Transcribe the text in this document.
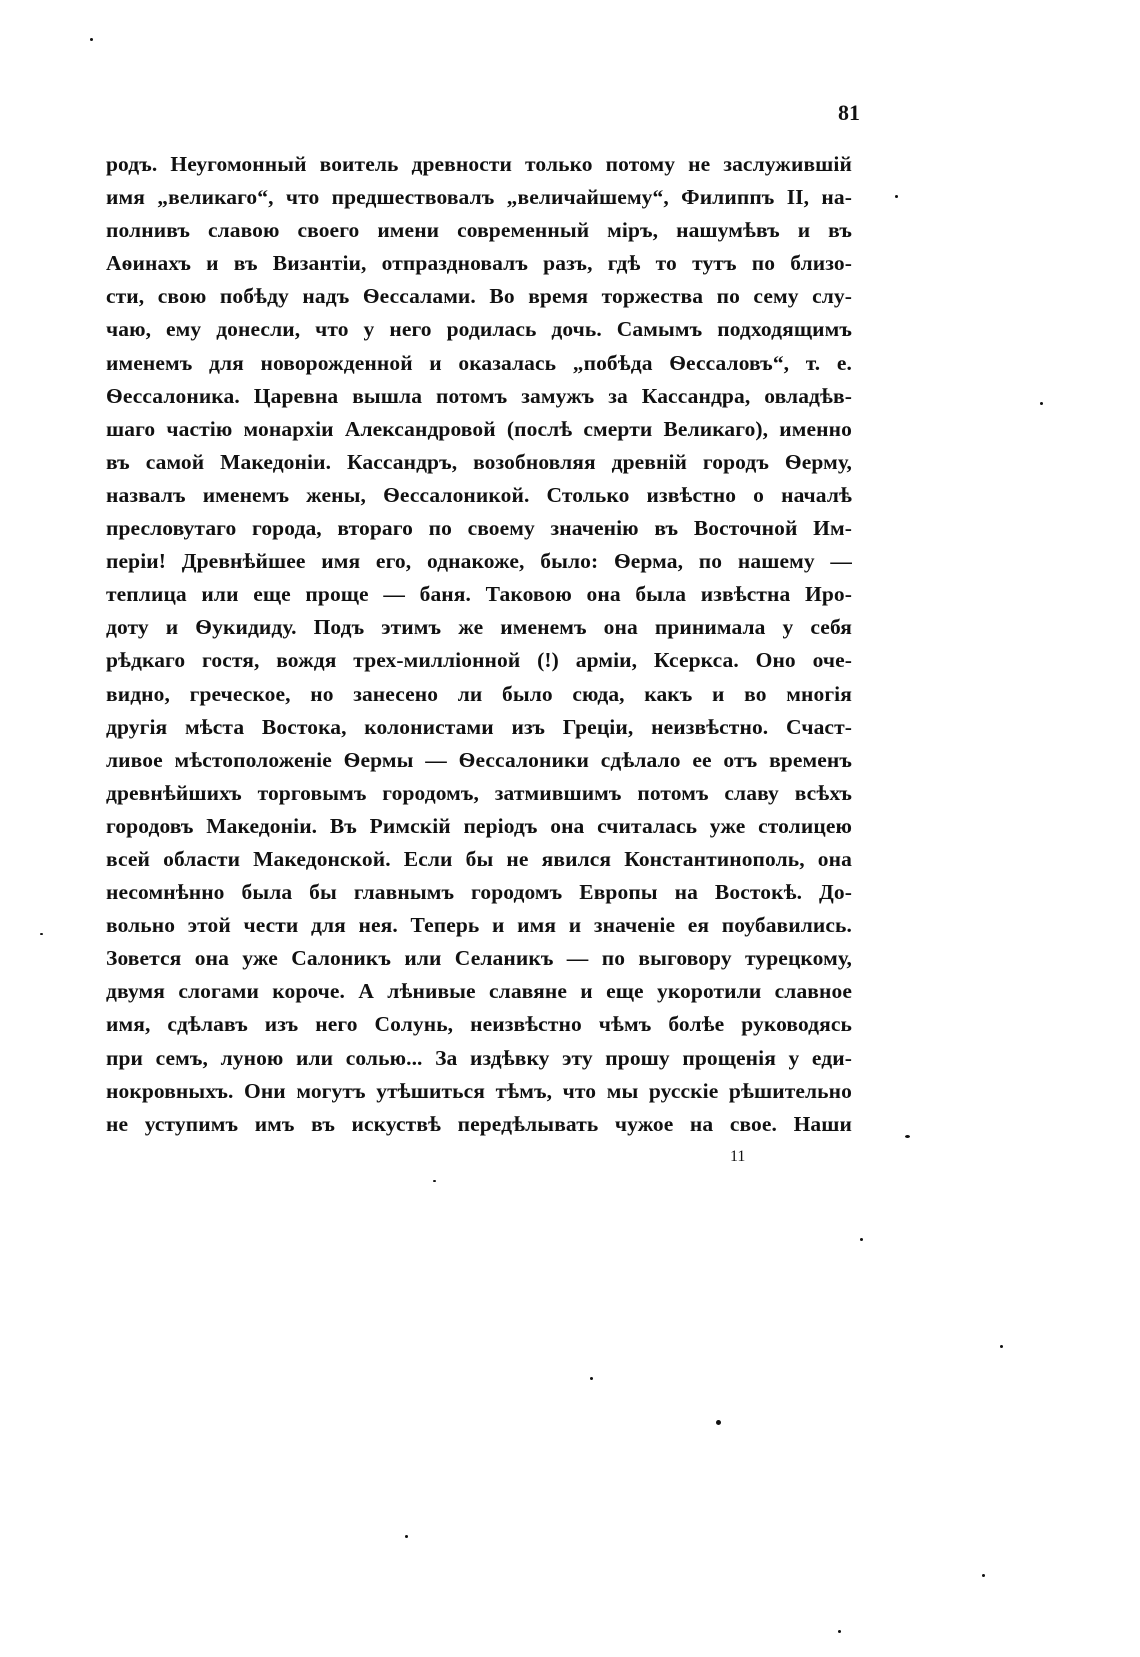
81
родъ. Неугомонный воитель древности только потому не заслужившій
имя „великаго“, что предшествовалъ „величайшему“, Филиппъ II, на-
полнивъ славою своего имени современный міръ, нашумѣвъ и въ
Аѳинахъ и въ Византіи, отпраздновалъ разъ, гдѣ то тутъ по близо-
сти, свою побѣду надъ Ѳессалами. Во время торжества по сему слу-
чаю, ему донесли, что у него родилась дочь. Самымъ подходящимъ
именемъ для новорожденной и оказалась „побѣда Ѳессаловъ“, т. е.
Ѳессалоника. Царевна вышла потомъ замужъ за Кассандра, овладѣв-
шаго частію монархіи Александровой (послѣ смерти Великаго), именно
въ самой Македоніи. Кассандръ, возобновляя древній городъ Ѳерму,
назвалъ именемъ жены, Ѳессалоникой. Столько извѣстно о началѣ
пресловутаго города, втораго по своему значенію въ Восточной Им-
періи! Древнѣйшее имя его, однакоже, было: Ѳерма, по нашему —
теплица или еще проще — баня. Таковою она была извѣстна Иро-
доту и Ѳукидиду. Подъ этимъ же именемъ она принимала у себя
рѣдкаго гостя, вождя трех-милліонной (!) арміи, Ксеркса. Оно оче-
видно, греческое, но занесено ли было сюда, какъ и во многія
другія мѣста Востока, колонистами изъ Греціи, неизвѣстно. Счаст-
ливое мѣстоположеніе Ѳермы — Ѳессалоники сдѣлало ее отъ временъ
древнѣйшихъ торговымъ городомъ, затмившимъ потомъ славу всѣхъ
городовъ Македоніи. Въ Римскій періодъ она считалась уже столицею
всей области Македонской. Если бы не явился Константинополь, она
несомнѣнно была бы главнымъ городомъ Европы на Востокѣ. До-
вольно этой чести для нея. Теперь и имя и значеніе ея поубавились.
Зовется она уже Салоникъ или Селаникъ — по выговору турецкому,
двумя слогами короче. А лѣнивые славяне и еще укоротили славное
имя, сдѣлавъ изъ него Солунь, неизвѣстно чѣмъ болѣе руководясь
при семъ, луною или солью... За издѣвку эту прошу прощенія у еди-
нокровныхъ. Они могутъ утѣшиться тѣмъ, что мы русскіе рѣшительно
не уступимъ имъ въ искуствѣ передѣлывать чужое на свое. Наши
11
